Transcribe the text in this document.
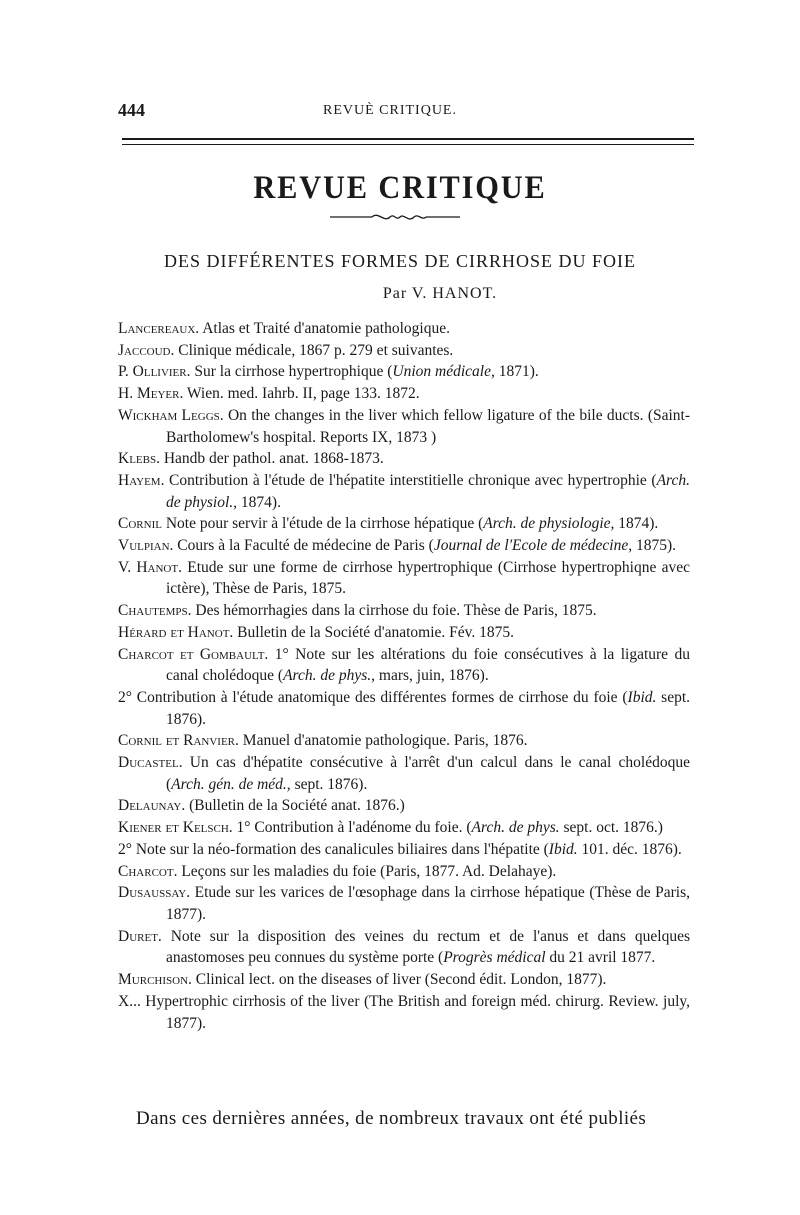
444	REVUÈ CRITIQUE.
REVUE CRITIQUE
DES DIFFÉRENTES FORMES DE CIRRHOSE DU FOIE
Par V. HANOT.
Lancereaux. Atlas et Traité d'anatomie pathologique.
Jaccoud. Clinique médicale, 1867 p. 279 et suivantes.
P. Ollivier. Sur la cirrhose hypertrophique (Union médicale, 1871).
H. Meyer. Wien. med. Iahrb. II, page 133. 1872.
Wickham Leggs. On the changes in the liver which fellow ligature of the bile ducts. (Saint-Bartholomew's hospital. Reports IX, 1873 )
Klebs. Handb der pathol. anat. 1868-1873.
Hayem. Contribution à l'étude de l'hépatite interstitielle chronique avec hypertrophie (Arch. de physiol., 1874).
Cornil Note pour servir à l'étude de la cirrhose hépatique (Arch. de physiologie, 1874).
Vulpian. Cours à la Faculté de médecine de Paris (Journal de l'Ecole de médecine, 1875).
V. Hanot. Etude sur une forme de cirrhose hypertrophique (Cirrhose hypertrophiqne avec ictère), Thèse de Paris, 1875.
Chautemps. Des hémorrhagies dans la cirrhose du foie. Thèse de Paris, 1875.
Hérard et Hanot. Bulletin de la Société d'anatomie. Fév. 1875.
Charcot et Gombault. 1° Note sur les altérations du foie consécutives à la ligature du canal cholédoque (Arch. de phys., mars, juin, 1876).
2° Contribution à l'étude anatomique des différentes formes de cirrhose du foie (Ibid. sept. 1876).
Cornil et Ranvier. Manuel d'anatomie pathologique. Paris, 1876.
Ducastel. Un cas d'hépatite consécutive à l'arrêt d'un calcul dans le canal cholédoque (Arch. gén. de méd., sept. 1876).
Delaunay. (Bulletin de la Société anat. 1876.)
Kiener et Kelsch. 1° Contribution à l'adénome du foie. (Arch. de phys. sept. oct. 1876.)
2° Note sur la néo-formation des canalicules biliaires dans l'hépatite (Ibid. 101. déc. 1876).
Charcot. Leçons sur les maladies du foie (Paris, 1877. Ad. Delahaye).
Dusaussay. Etude sur les varices de l'œsophage dans la cirrhose hépatique (Thèse de Paris, 1877).
Duret. Note sur la disposition des veines du rectum et de l'anus et dans quelques anastomoses peu connues du système porte (Progrès médical du 21 avril 1877.
Murchison. Clinical lect. on the diseases of liver (Second édit. London, 1877).
X... Hypertrophic cirrhosis of the liver (The British and foreign méd. chirurg. Review. july, 1877).
Dans ces dernières années, de nombreux travaux ont été publiés
